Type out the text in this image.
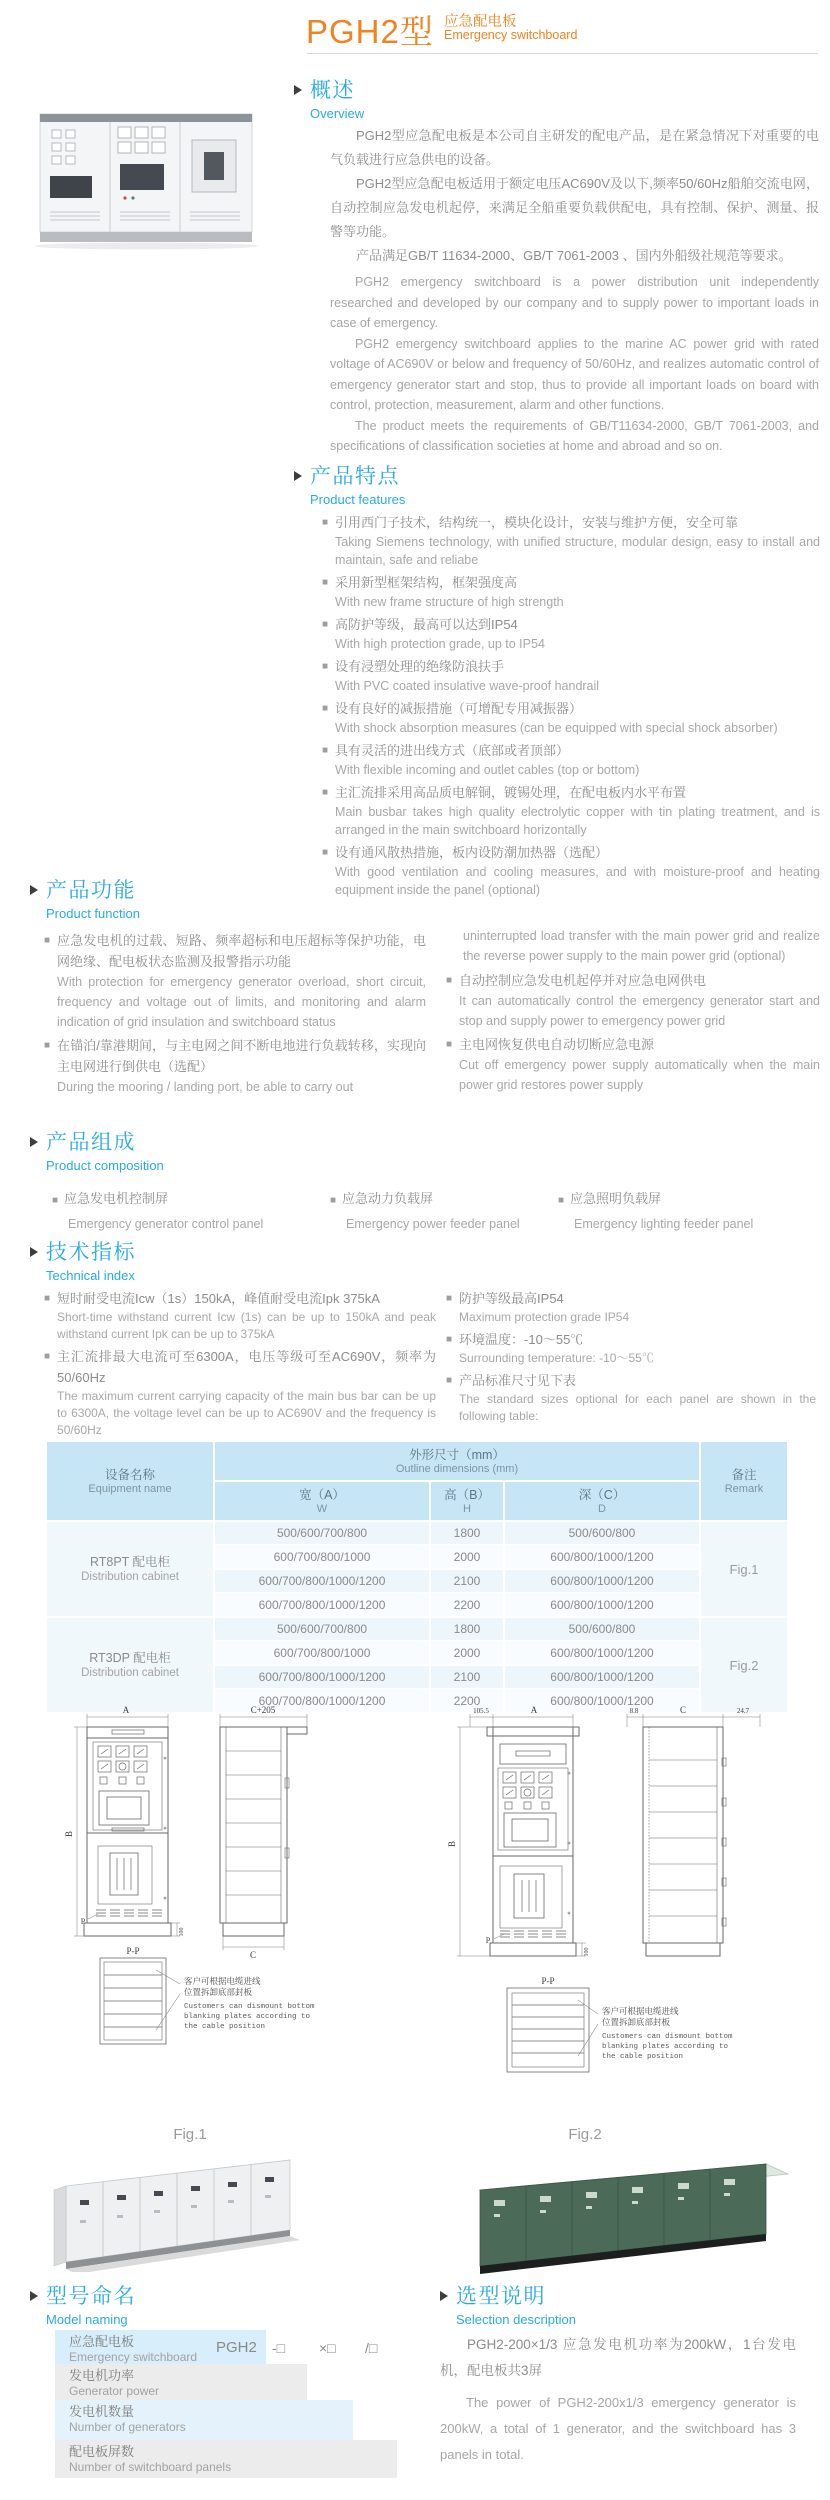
PGH2型 应急配电板
Emergency switchboard
概述
Overview
PGH2型应急配电板是本公司自主研发的配电产品，是在紧急情况下对重要的电气负载进行应急供电的设备。
PGH2型应急配电板适用于额定电压AC690V及以下,频率50/60Hz船舶交流电网，自动控制应急发电机起停，来满足全船重要负载供配电，具有控制、保护、测量、报警等功能。
产品满足GB/T 11634-2000、GB/T 7061-2003 、国内外船级社规范等要求。
PGH2 emergency switchboard is a power distribution unit independently researched and developed by our company and to supply power to important loads in case of emergency.
PGH2 emergency switchboard applies to the marine AC power grid with rated voltage of AC690V or below and frequency of 50/60Hz, and realizes automatic control of emergency generator start and stop, thus to provide all important loads on board with control, protection, measurement, alarm and other functions.
The product meets the requirements of GB/T11634-2000, GB/T 7061-2003, and specifications of classification societies at home and abroad and so on.
产品特点
Product features
■ 引用西门子技术，结构统一，模块化设计，安装与维护方便，安全可靠
Taking Siemens technology, with unified structure, modular design, easy to install and maintain, safe and reliabe
■ 采用新型框架结构，框架强度高
With new frame structure of high strength
■ 高防护等级，最高可以达到IP54
With high protection grade, up to IP54
■ 设有浸塑处理的绝缘防浪扶手
With PVC coated insulative wave-proof handrail
■ 设有良好的减振措施（可增配专用减振器）
With shock absorption measures (can be equipped with special shock absorber)
■ 具有灵活的进出线方式（底部或者顶部）
With flexible incoming and outlet cables (top or bottom)
■ 主汇流排采用高品质电解铜，镀锡处理，在配电板内水平布置
Main busbar takes high quality electrolytic copper with tin plating treatment, and is arranged in the main switchboard horizontally
■ 设有通风散热措施，板内设防潮加热器（选配）
With good ventilation and cooling measures, and with moisture-proof and heating equipment inside the panel (optional)
产品功能
Product function
■ 应急发电机的过载、短路、频率超标和电压超标等保护功能，电网绝缘、配电板状态监测及报警指示功能
With protection for emergency generator overload, short circuit, frequency and voltage out of limits, and monitoring and alarm indication of grid insulation and switchboard status
■ 在锚泊/靠港期间，与主电网之间不断电地进行负载转移，实现向主电网进行倒供电（选配）
During the mooring / landing port, be able to carry out
uninterrupted load transfer with the main power grid and realize the reverse power supply to the main power grid (optional)
■ 自动控制应急发电机起停并对应急电网供电
It can automatically control the emergency generator start and stop and supply power to emergency power grid
■ 主电网恢复供电自动切断应急电源
Cut off emergency power supply automatically when the main power grid restores power supply
产品组成
Product composition
■ 应急发电机控制屏
Emergency generator control panel
■ 应急动力负载屏
Emergency power feeder panel
■ 应急照明负载屏
Emergency lighting feeder panel
技术指标
Technical index
■ 短时耐受电流Icw（1s）150kA，峰值耐受电流Ipk 375kA
Short-time withstand current Icw (1s) can be up to 150kA and peak withstand current Ipk can be up to 375kA
■ 主汇流排最大电流可至6300A，电压等级可至AC690V，频率为50/60Hz
The maximum current carrying capacity of the main bus bar can be up to 6300A, the voltage level can be up to AC690V and the frequency is 50/60Hz
■ 防护等级最高IP54
Maximum protection grade IP54
■ 环境温度：-10～55℃
Surrounding temperature: -10～55℃
■ 产品标准尺寸见下表
The standard sizes optional for each panel are shown in the following table:
设备名称
Equipment name

外形尺寸（mm）
Outline dimensions (mm)	备注
Remark

宽（A）
W

高（B）
H

深（C）
D

RT8PT 配电柜
Distribution cabinet	500/600/700/800	1800	500/600/800	Fig.1
	600/700/800/1000	2000	600/800/1000/1200	
	600/700/800/1000/1200	2100	600/800/1000/1200	
	600/700/800/1000/1200	2200	600/800/1000/1200	

RT3DP 配电柜
Distribution cabinet	500/600/700/800	1800	500/600/800	Fig.2
	600/700/800/1000	2000	600/800/1000/1200	
	600/700/800/1000/1200	2100	600/800/1000/1200	
	600/700/800/1000/1200	2200	600/800/1000/1200	
A
B
C+205
C
P
100
P-P
客户可根据电缆进线
位置拆卸底部封板
Customers can dismount bottom
blanking plates according to
the cable position
105.5	A
B
8.8	C	24.7
P
100
P-P
客户可根据电缆进线
位置拆卸底部封板
Customers can dismount bottom
blanking plates according to
the cable position
Fig.1	Fig.2
型号命名
Model naming
应急配电板
Emergency switchboard
发电机功率
Generator power
发电机数量
Number of generators
配电板屏数
Number of switchboard panels
PGH2 -□ ×□ /□
选型说明
Selection description
PGH2-200×1/3 应急发电机功率为200kW，1台发电机，配电板共3屏
The power of PGH2-200x1/3 emergency generator is 200kW, a total of 1 generator, and the switchboard has 3 panels in total.
